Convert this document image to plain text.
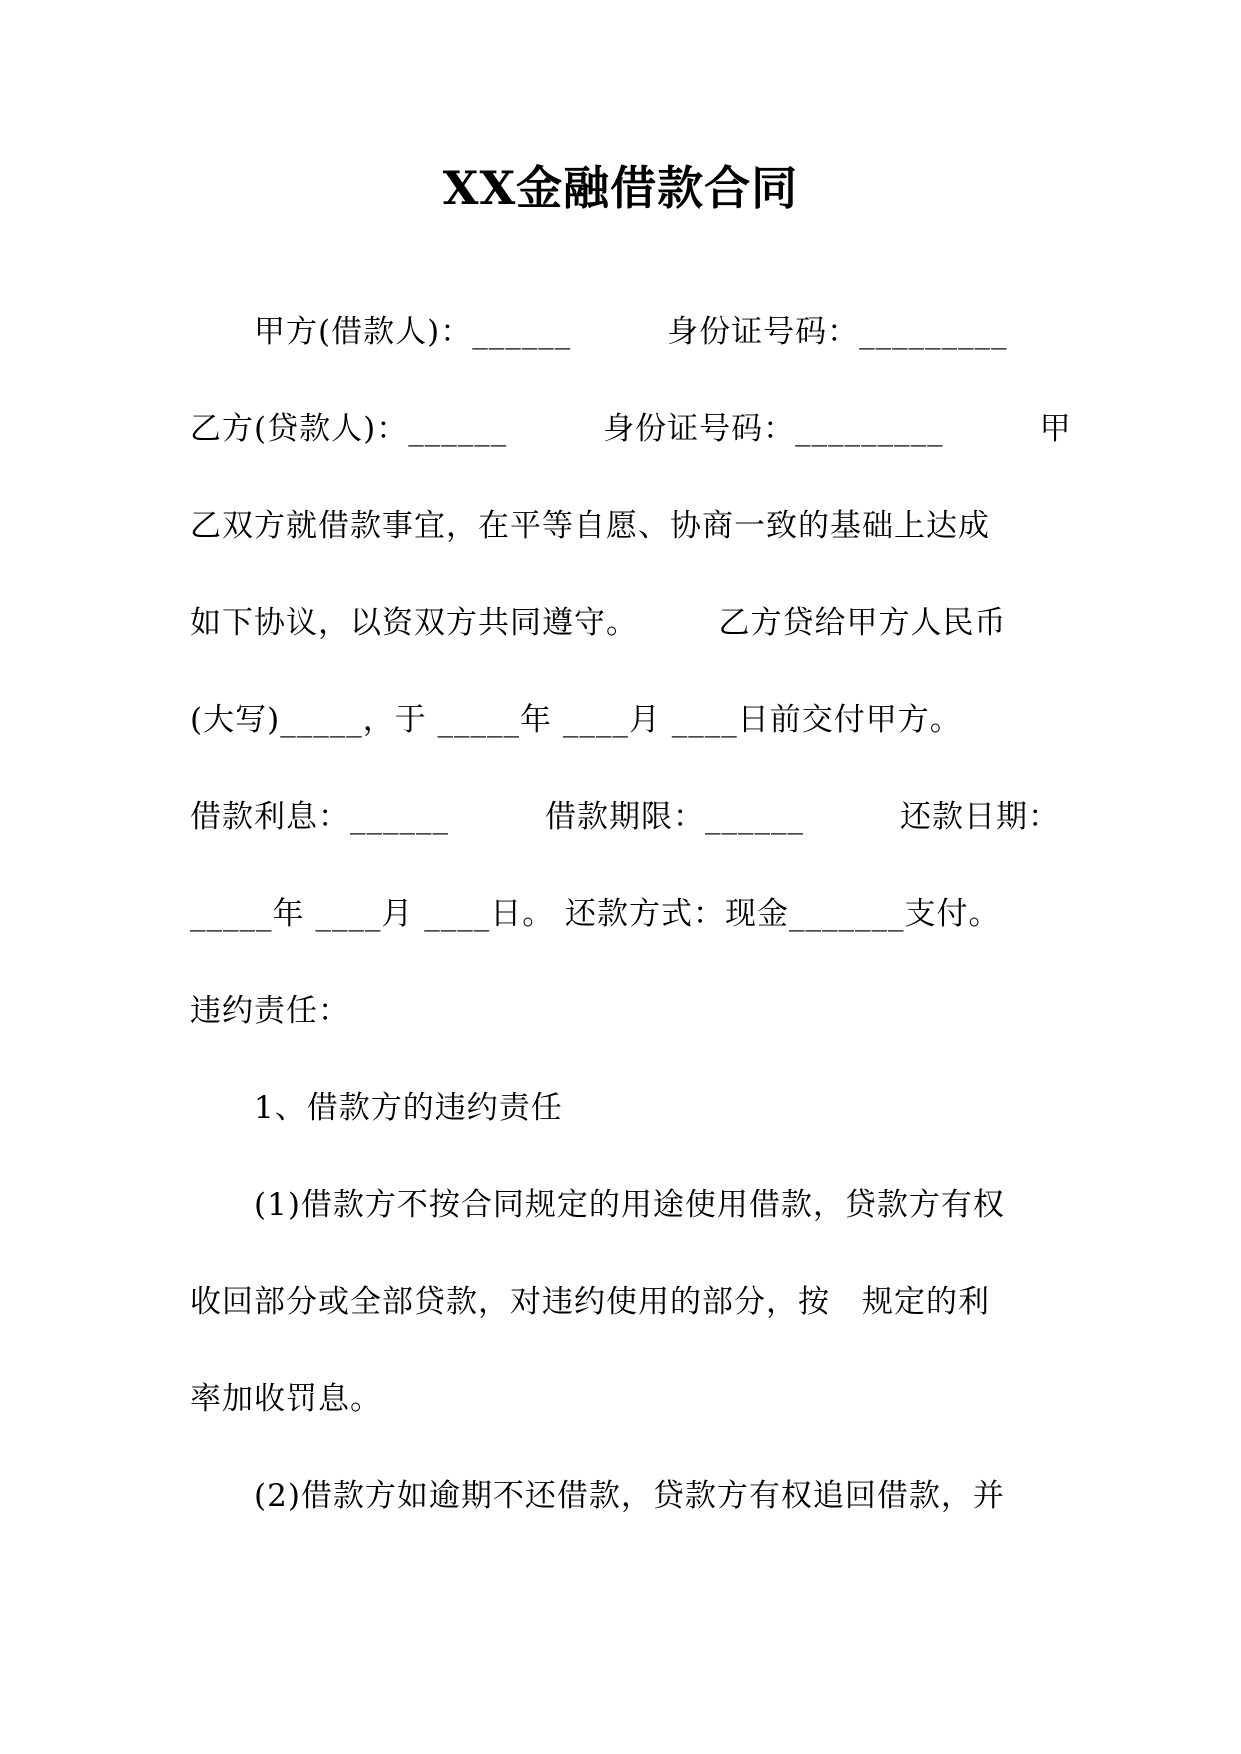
XX金融借款合同
　　甲方(借款人)：______　　　身份证号码：_________
乙方(贷款人)：______　　　身份证号码：_________　　　甲
乙双方就借款事宜，在平等自愿、协商一致的基础上达成
如下协议，以资双方共同遵守。　　　乙方贷给甲方人民币
(大写)_____，于 _____年 ____月 ____日前交付甲方。
借款利息：______　　　借款期限：______　　　还款日期：
_____年 ____月 ____日。 还款方式：现金_______支付。
违约责任：
　　1、借款方的违约责任
　　(1)借款方不按合同规定的用途使用借款，贷款方有权
收回部分或全部贷款，对违约使用的部分，按　规定的利
率加收罚息。
　　(2)借款方如逾期不还借款，贷款方有权追回借款，并
